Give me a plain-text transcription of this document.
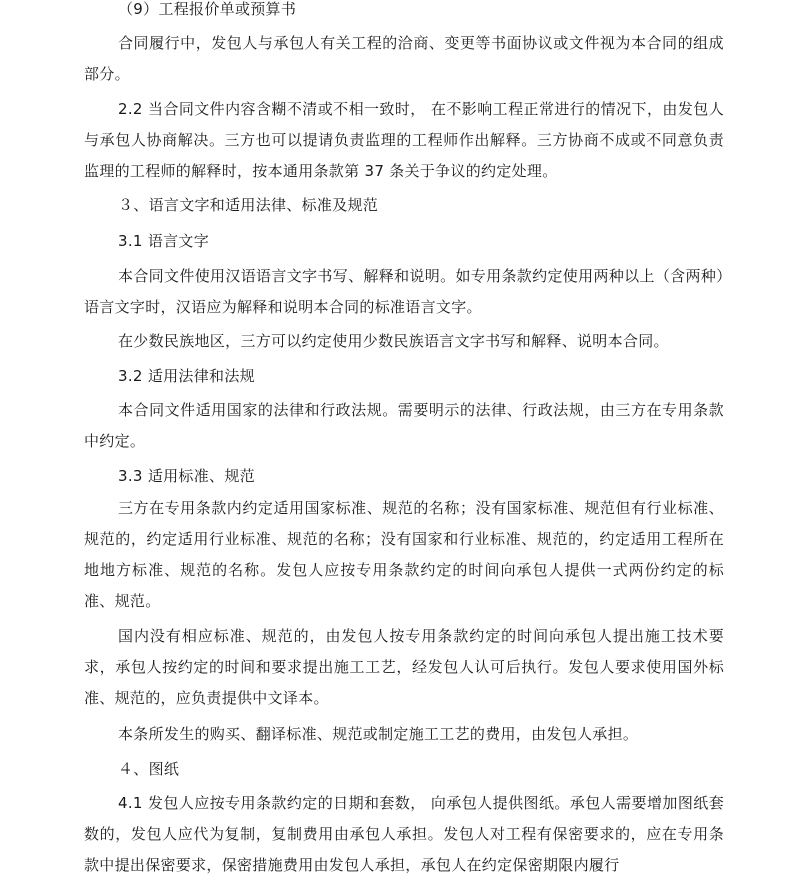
（9）工程报价单或预算书

合同履行中，发包人与承包人有关工程的洽商、变更等书面协议或文件视为本合同的组成部分。

2.2 当合同文件内容含糊不清或不相一致时， 在不影响工程正常进行的情况下，由发包人与承包人协商解决。三方也可以提请负责监理的工程师作出解释。三方协商不成或不同意负责监理的工程师的解释时，按本通用条款第 37 条关于争议的约定处理。

３、语言文字和适用法律、标准及规范

3.1 语言文字

本合同文件使用汉语语言文字书写、解释和说明。如专用条款约定使用两种以上（含两种）语言文字时，汉语应为解释和说明本合同的标准语言文字。

在少数民族地区，三方可以约定使用少数民族语言文字书写和解释、说明本合同。

3.2 适用法律和法规

本合同文件适用国家的法律和行政法规。需要明示的法律、行政法规，由三方在专用条款中约定。

3.3 适用标准、规范

三方在专用条款内约定适用国家标准、规范的名称；没有国家标准、规范但有行业标准、规范的，约定适用行业标准、规范的名称；没有国家和行业标准、规范的，约定适用工程所在地地方标准、规范的名称。发包人应按专用条款约定的时间向承包人提供一式两份约定的标准、规范。

国内没有相应标准、规范的，由发包人按专用条款约定的时间向承包人提出施工技术要求，承包人按约定的时间和要求提出施工工艺，经发包人认可后执行。发包人要求使用国外标准、规范的，应负责提供中文译本。

本条所发生的购买、翻译标准、规范或制定施工工艺的费用，由发包人承担。

４、图纸

4.1 发包人应按专用条款约定的日期和套数， 向承包人提供图纸。承包人需要增加图纸套数的，发包人应代为复制，复制费用由承包人承担。发包人对工程有保密要求的，应在专用条款中提出保密要求，保密措施费用由发包人承担，承包人在约定保密期限内履行
